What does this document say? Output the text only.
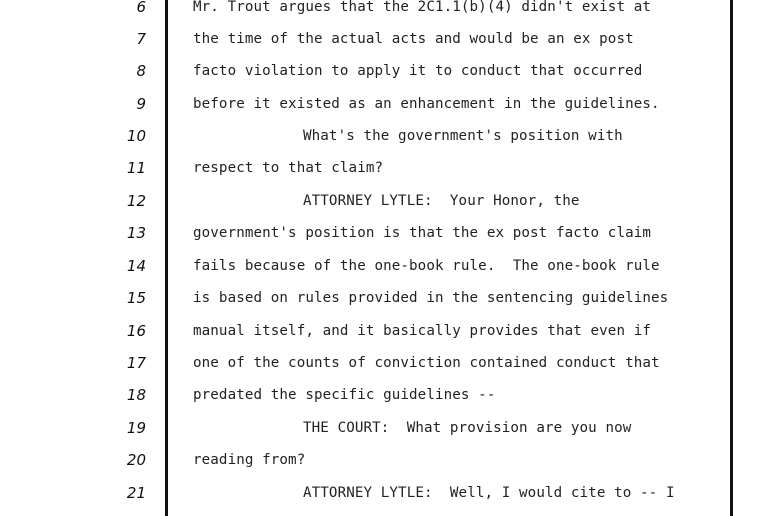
6	Mr. Trout argues that the 2C1.1(b)(4) didn't exist at
7	the time of the actual acts and would be an ex post
8	facto violation to apply it to conduct that occurred
9	before it existed as an enhancement in the guidelines.
10	What's the government's position with
11	respect to that claim?
12	ATTORNEY LYTLE:  Your Honor, the
13	government's position is that the ex post facto claim
14	fails because of the one-book rule.  The one-book rule
15	is based on rules provided in the sentencing guidelines
16	manual itself, and it basically provides that even if
17	one of the counts of conviction contained conduct that
18	predated the specific guidelines --
19	THE COURT:  What provision are you now
20	reading from?
21	ATTORNEY LYTLE:  Well, I would cite to -- I
